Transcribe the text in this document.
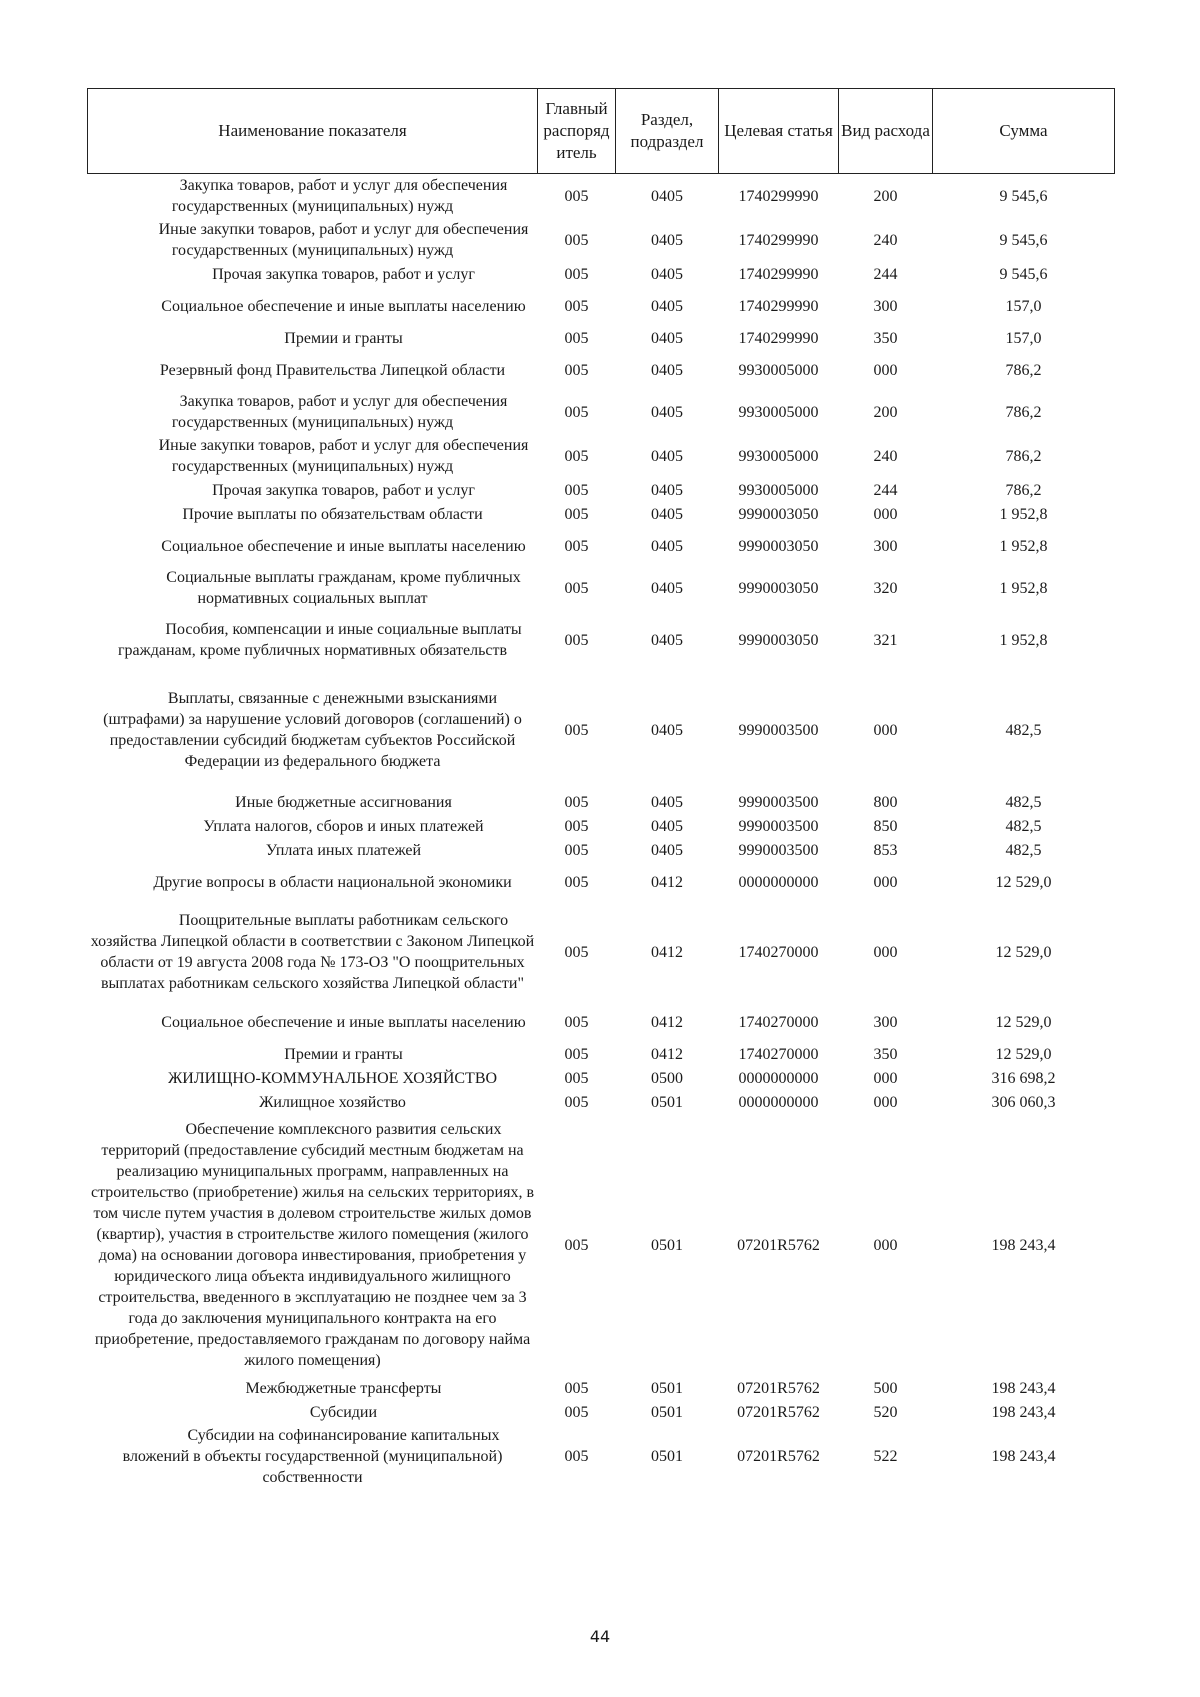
Наименование показателя	Главный распоряд итель	Раздел, подраздел	Целевая статья	Вид расхода	Сумма
Закупка товаров, работ и услуг для обеспечения государственных (муниципальных) нужд	005	0405	1740299990	200	9 545,6
Иные закупки товаров, работ и услуг для обеспечения государственных (муниципальных) нужд	005	0405	1740299990	240	9 545,6
Прочая закупка товаров, работ и услуг	005	0405	1740299990	244	9 545,6
Социальное обеспечение и иные выплаты населению	005	0405	1740299990	300	157,0
Премии и гранты	005	0405	1740299990	350	157,0
Резервный фонд Правительства Липецкой области	005	0405	9930005000	000	786,2
Закупка товаров, работ и услуг для обеспечения государственных (муниципальных) нужд	005	0405	9930005000	200	786,2
Иные закупки товаров, работ и услуг для обеспечения государственных (муниципальных) нужд	005	0405	9930005000	240	786,2
Прочая закупка товаров, работ и услуг	005	0405	9930005000	244	786,2
Прочие выплаты по обязательствам области	005	0405	9990003050	000	1 952,8
Социальное обеспечение и иные выплаты населению	005	0405	9990003050	300	1 952,8
Социальные выплаты гражданам, кроме публичных нормативных социальных выплат	005	0405	9990003050	320	1 952,8
Пособия, компенсации и иные социальные выплаты гражданам, кроме публичных нормативных обязательств	005	0405	9990003050	321	1 952,8
Выплаты, связанные с денежными взысканиями (штрафами) за нарушение условий договоров (соглашений) о предоставлении субсидий бюджетам субъектов Российской Федерации из федерального бюджета	005	0405	9990003500	000	482,5
Иные бюджетные ассигнования	005	0405	9990003500	800	482,5
Уплата налогов, сборов и иных платежей	005	0405	9990003500	850	482,5
Уплата иных платежей	005	0405	9990003500	853	482,5
Другие вопросы в области национальной экономики	005	0412	0000000000	000	12 529,0
Поощрительные выплаты работникам сельского хозяйства Липецкой области в соответствии с Законом Липецкой области от 19 августа 2008 года № 173-ОЗ "О поощрительных выплатах работникам сельского хозяйства Липецкой области"	005	0412	1740270000	000	12 529,0
Социальное обеспечение и иные выплаты населению	005	0412	1740270000	300	12 529,0
Премии и гранты	005	0412	1740270000	350	12 529,0
ЖИЛИЩНО-КОММУНАЛЬНОЕ ХОЗЯЙСТВО	005	0500	0000000000	000	316 698,2
Жилищное хозяйство	005	0501	0000000000	000	306 060,3
Обеспечение комплексного развития сельских территорий (предоставление субсидий местным бюджетам на реализацию муниципальных программ, направленных на строительство (приобретение) жилья на сельских территориях, в том числе путем участия в долевом строительстве жилых домов (квартир), участия в строительстве жилого помещения (жилого дома) на основании договора инвестирования, приобретения у юридического лица объекта индивидуального жилищного строительства, введенного в эксплуатацию не позднее чем за 3 года до заключения муниципального контракта на его приобретение, предоставляемого гражданам по договору найма жилого помещения)	005	0501	07201R5762	000	198 243,4
Межбюджетные трансферты	005	0501	07201R5762	500	198 243,4
Субсидии	005	0501	07201R5762	520	198 243,4
Субсидии на софинансирование капитальных вложений в объекты государственной (муниципальной) собственности	005	0501	07201R5762	522	198 243,4
44
